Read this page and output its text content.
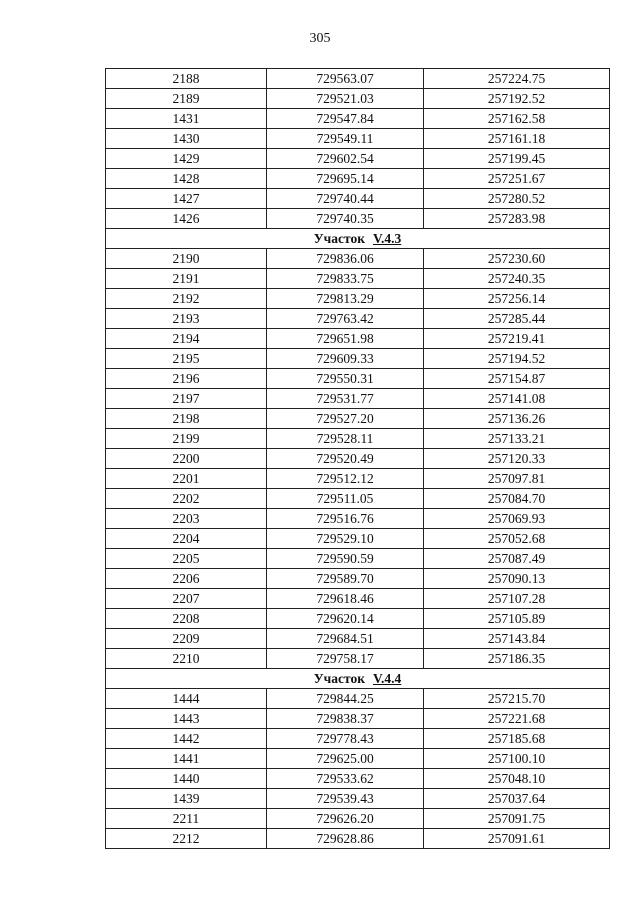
305
2188	729563.07	257224.75
2189	729521.03	257192.52
1431	729547.84	257162.58
1430	729549.11	257161.18
1429	729602.54	257199.45
1428	729695.14	257251.67
1427	729740.44	257280.52
1426	729740.35	257283.98
Участок V.4.3		
2190	729836.06	257230.60
2191	729833.75	257240.35
2192	729813.29	257256.14
2193	729763.42	257285.44
2194	729651.98	257219.41
2195	729609.33	257194.52
2196	729550.31	257154.87
2197	729531.77	257141.08
2198	729527.20	257136.26
2199	729528.11	257133.21
2200	729520.49	257120.33
2201	729512.12	257097.81
2202	729511.05	257084.70
2203	729516.76	257069.93
2204	729529.10	257052.68
2205	729590.59	257087.49
2206	729589.70	257090.13
2207	729618.46	257107.28
2208	729620.14	257105.89
2209	729684.51	257143.84
2210	729758.17	257186.35
Участок V.4.4		
1444	729844.25	257215.70
1443	729838.37	257221.68
1442	729778.43	257185.68
1441	729625.00	257100.10
1440	729533.62	257048.10
1439	729539.43	257037.64
2211	729626.20	257091.75
2212	729628.86	257091.61
